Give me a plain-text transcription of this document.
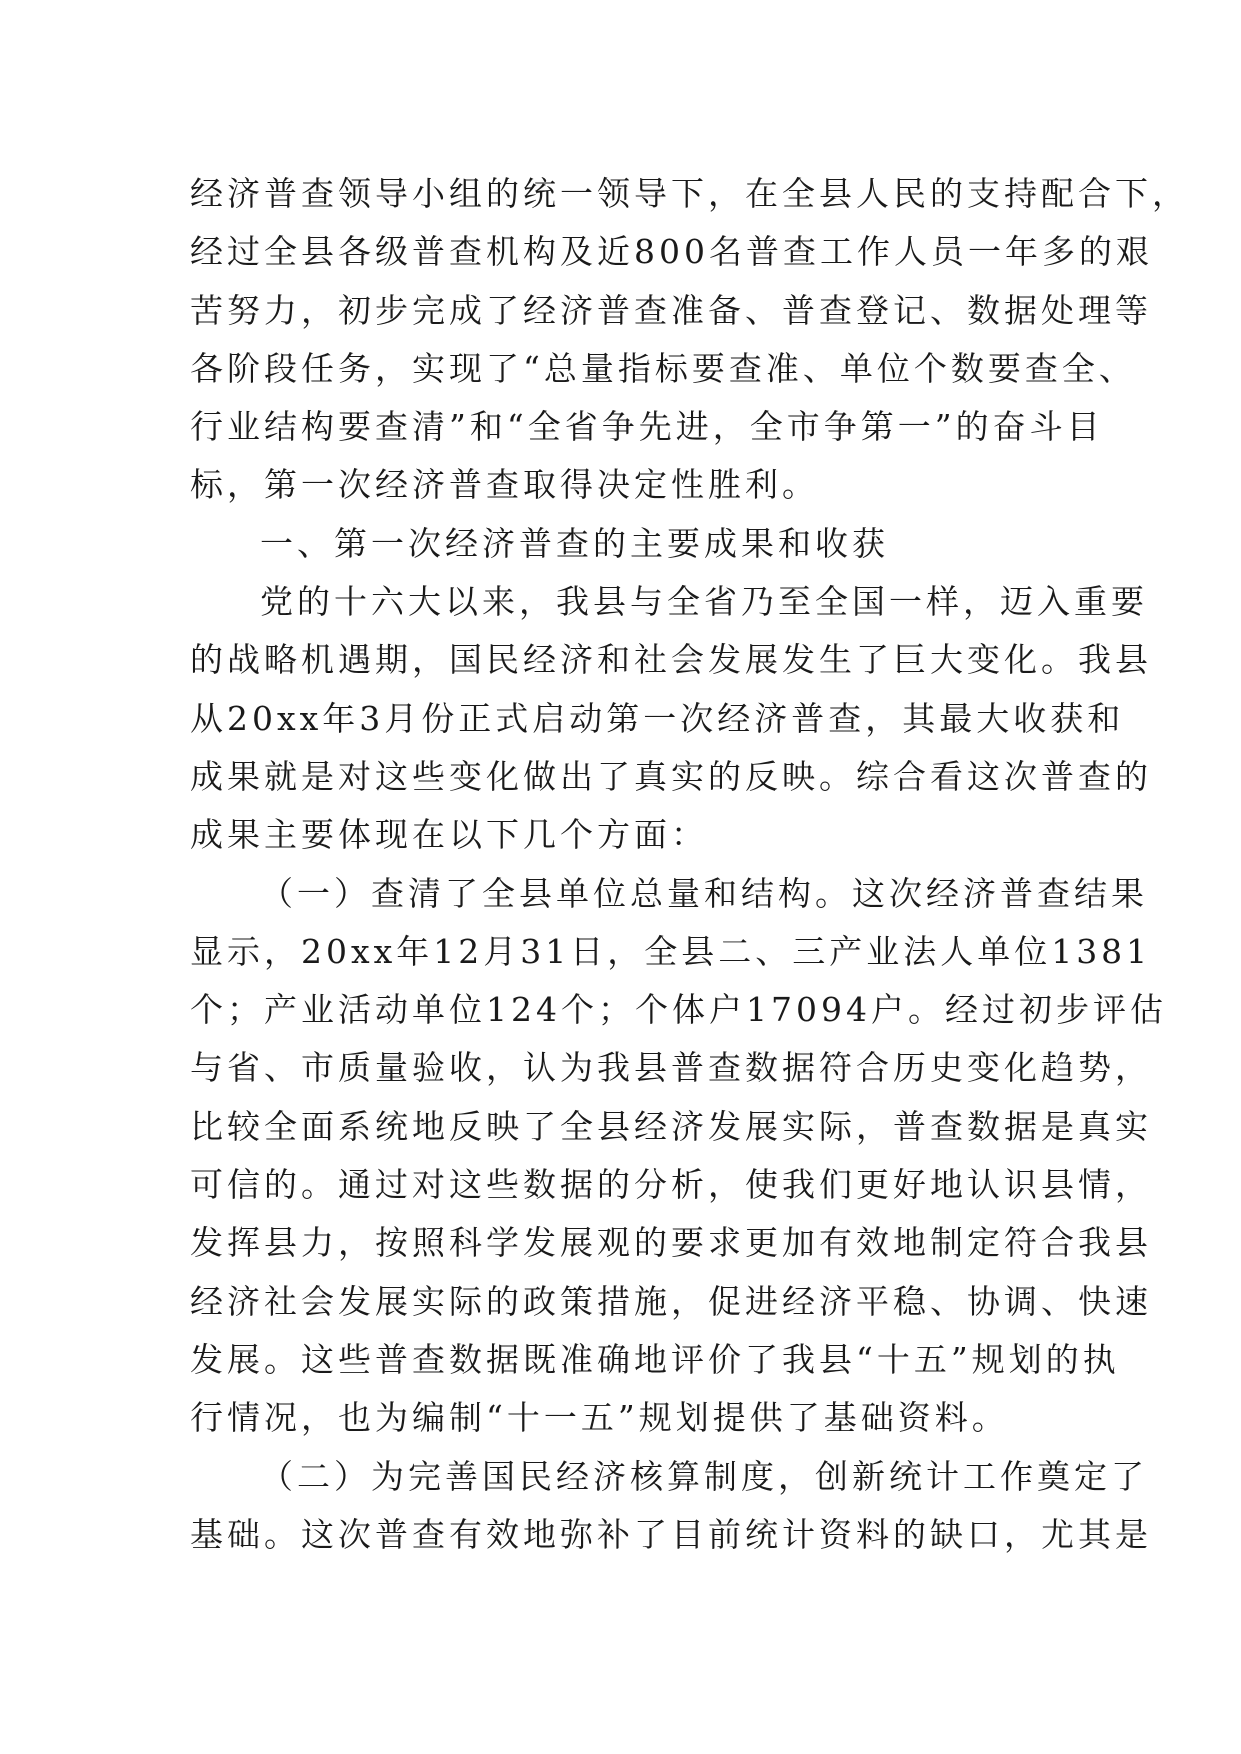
经济普查领导小组的统一领导下，在全县人民的支持配合下，
经过全县各级普查机构及近800名普查工作人员一年多的艰
苦努力，初步完成了经济普查准备、普查登记、数据处理等
各阶段任务，实现了“总量指标要查准、单位个数要查全、
行业结构要查清”和“全省争先进，全市争第一”的奋斗目
标，第一次经济普查取得决定性胜利。
一、第一次经济普查的主要成果和收获
党的十六大以来，我县与全省乃至全国一样，迈入重要
的战略机遇期，国民经济和社会发展发生了巨大变化。我县
从20xx年3月份正式启动第一次经济普查，其最大收获和
成果就是对这些变化做出了真实的反映。综合看这次普查的
成果主要体现在以下几个方面：
（一）查清了全县单位总量和结构。这次经济普查结果
显示，20xx年12月31日，全县二、三产业法人单位1381
个；产业活动单位124个；个体户17094户。经过初步评估
与省、市质量验收，认为我县普查数据符合历史变化趋势，
比较全面系统地反映了全县经济发展实际，普查数据是真实
可信的。通过对这些数据的分析，使我们更好地认识县情，
发挥县力，按照科学发展观的要求更加有效地制定符合我县
经济社会发展实际的政策措施，促进经济平稳、协调、快速
发展。这些普查数据既准确地评价了我县“十五”规划的执
行情况，也为编制“十一五”规划提供了基础资料。
（二）为完善国民经济核算制度，创新统计工作奠定了
基础。这次普查有效地弥补了目前统计资料的缺口，尤其是
